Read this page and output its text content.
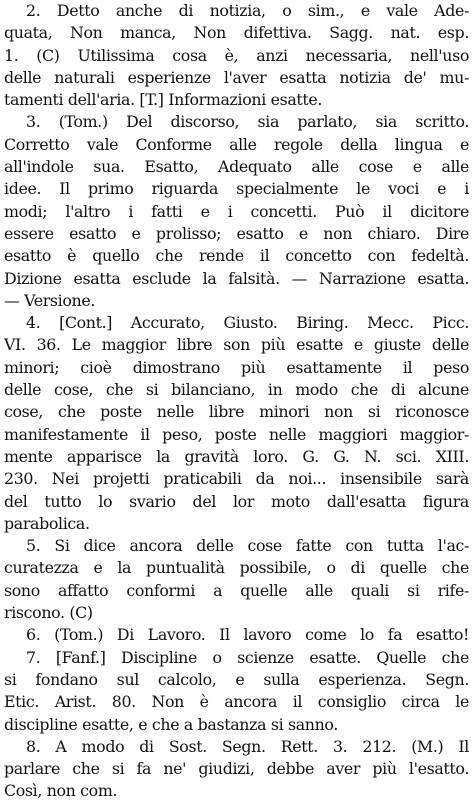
2. Detto anche di notizia, o sim., e vale Ade-
quata, Non manca, Non difettiva. Sagg. nat. esp.
1. (C) Utilissima cosa è, anzi necessaria, nell'uso
delle naturali esperienze l'aver esatta notizia de' mu-
tamenti dell'aria. [T.] Informazioni esatte.
3. (Tom.) Del discorso, sia parlato, sia scritto.
Corretto vale Conforme alle regole della lingua e
all'indole sua. Esatto, Adequato alle cose e alle
idee. Il primo riguarda specialmente le voci e i
modi; l'altro i fatti e i concetti. Può il dicitore
essere esatto e prolisso; esatto e non chiaro. Dire
esatto è quello che rende il concetto con fedeltà.
Dizione esatta esclude la falsità. — Narrazione esatta.
— Versione.
4. [Cont.] Accurato, Giusto. Biring. Mecc. Picc.
VI. 36. Le maggior libre son più esatte e giuste delle
minori; cioè dimostrano più esattamente il peso
delle cose, che si bilanciano, in modo che di alcune
cose, che poste nelle libre minori non si riconosce
manifestamente il peso, poste nelle maggiori maggior-
mente apparisce la gravità loro. G. G. N. sci. XIII.
230. Nei projetti praticabili da noi... insensibile sarà
del tutto lo svario del lor moto dall'esatta figura
parabolica.
5. Si dice ancora delle cose fatte con tutta l'ac-
curatezza e la puntualità possibile, o di quelle che
sono affatto conformi a quelle alle quali si rife-
riscono. (C)
6. (Tom.) Di Lavoro. Il lavoro come lo fa esatto!
7. [Fanf.] Discipline o scienze esatte. Quelle che
si fondano sul calcolo, e sulla esperienza. Segn.
Etic. Arist. 80. Non è ancora il consiglio circa le
discipline esatte, e che a bastanza si sanno.
8. A modo di Sost. Segn. Rett. 3. 212. (M.) Il
parlare che si fa ne' giudizi, debbe aver più l'esatto.
Così, non com.
